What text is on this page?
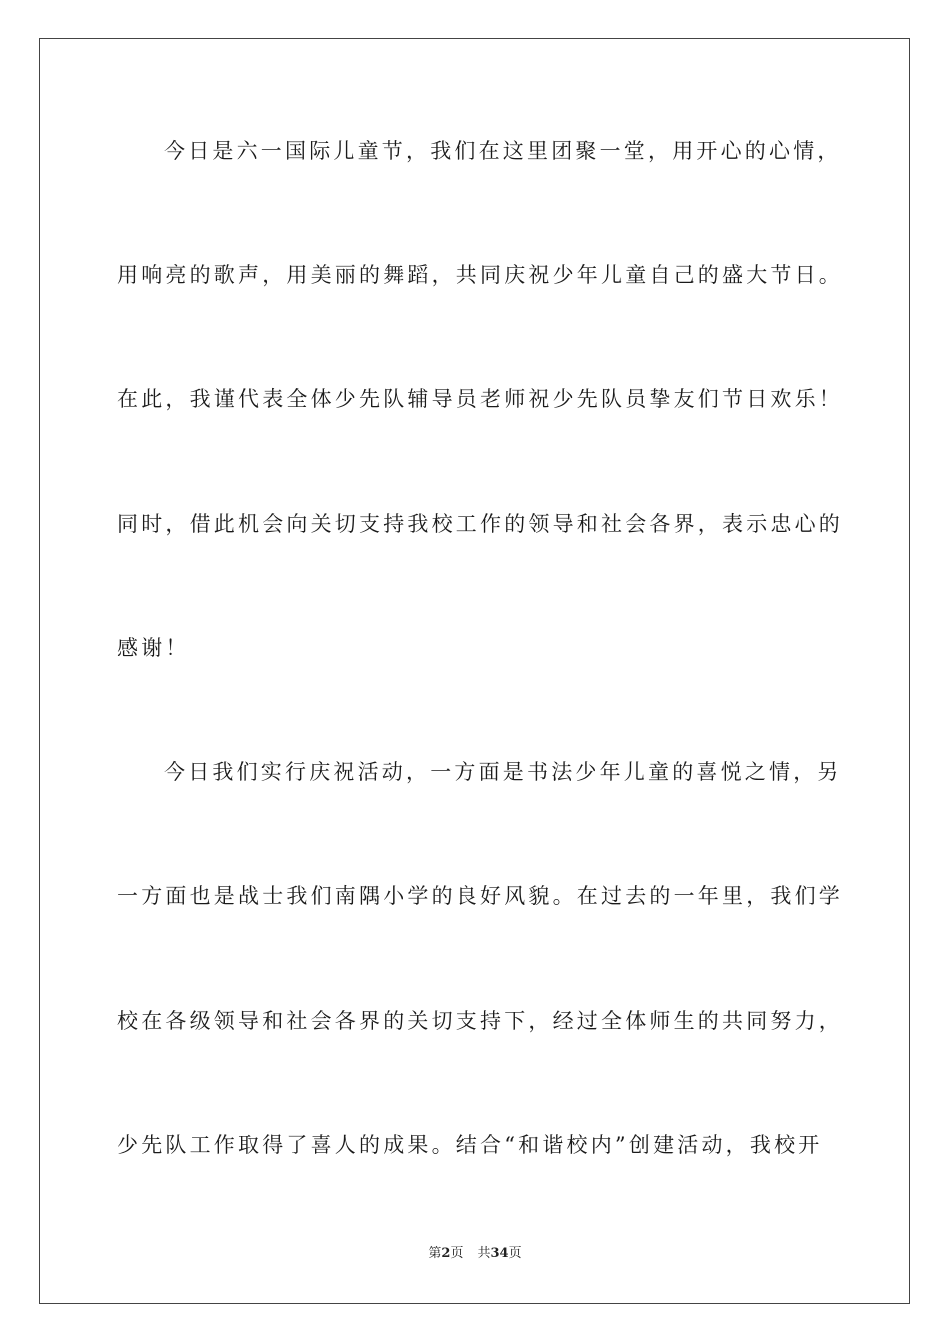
今日是六一国际儿童节，我们在这里团聚一堂，用开心的心情，
用响亮的歌声，用美丽的舞蹈，共同庆祝少年儿童自己的盛大节日。
在此，我谨代表全体少先队辅导员老师祝少先队员挚友们节日欢乐！
同时，借此机会向关切支持我校工作的领导和社会各界，表示忠心的
感谢！
今日我们实行庆祝活动，一方面是书法少年儿童的喜悦之情，另
一方面也是战士我们南隅小学的良好风貌。在过去的一年里，我们学
校在各级领导和社会各界的关切支持下，经过全体师生的共同努力，
少先队工作取得了喜人的成果。结合“和谐校内”创建活动，我校开
第2页 共34页
